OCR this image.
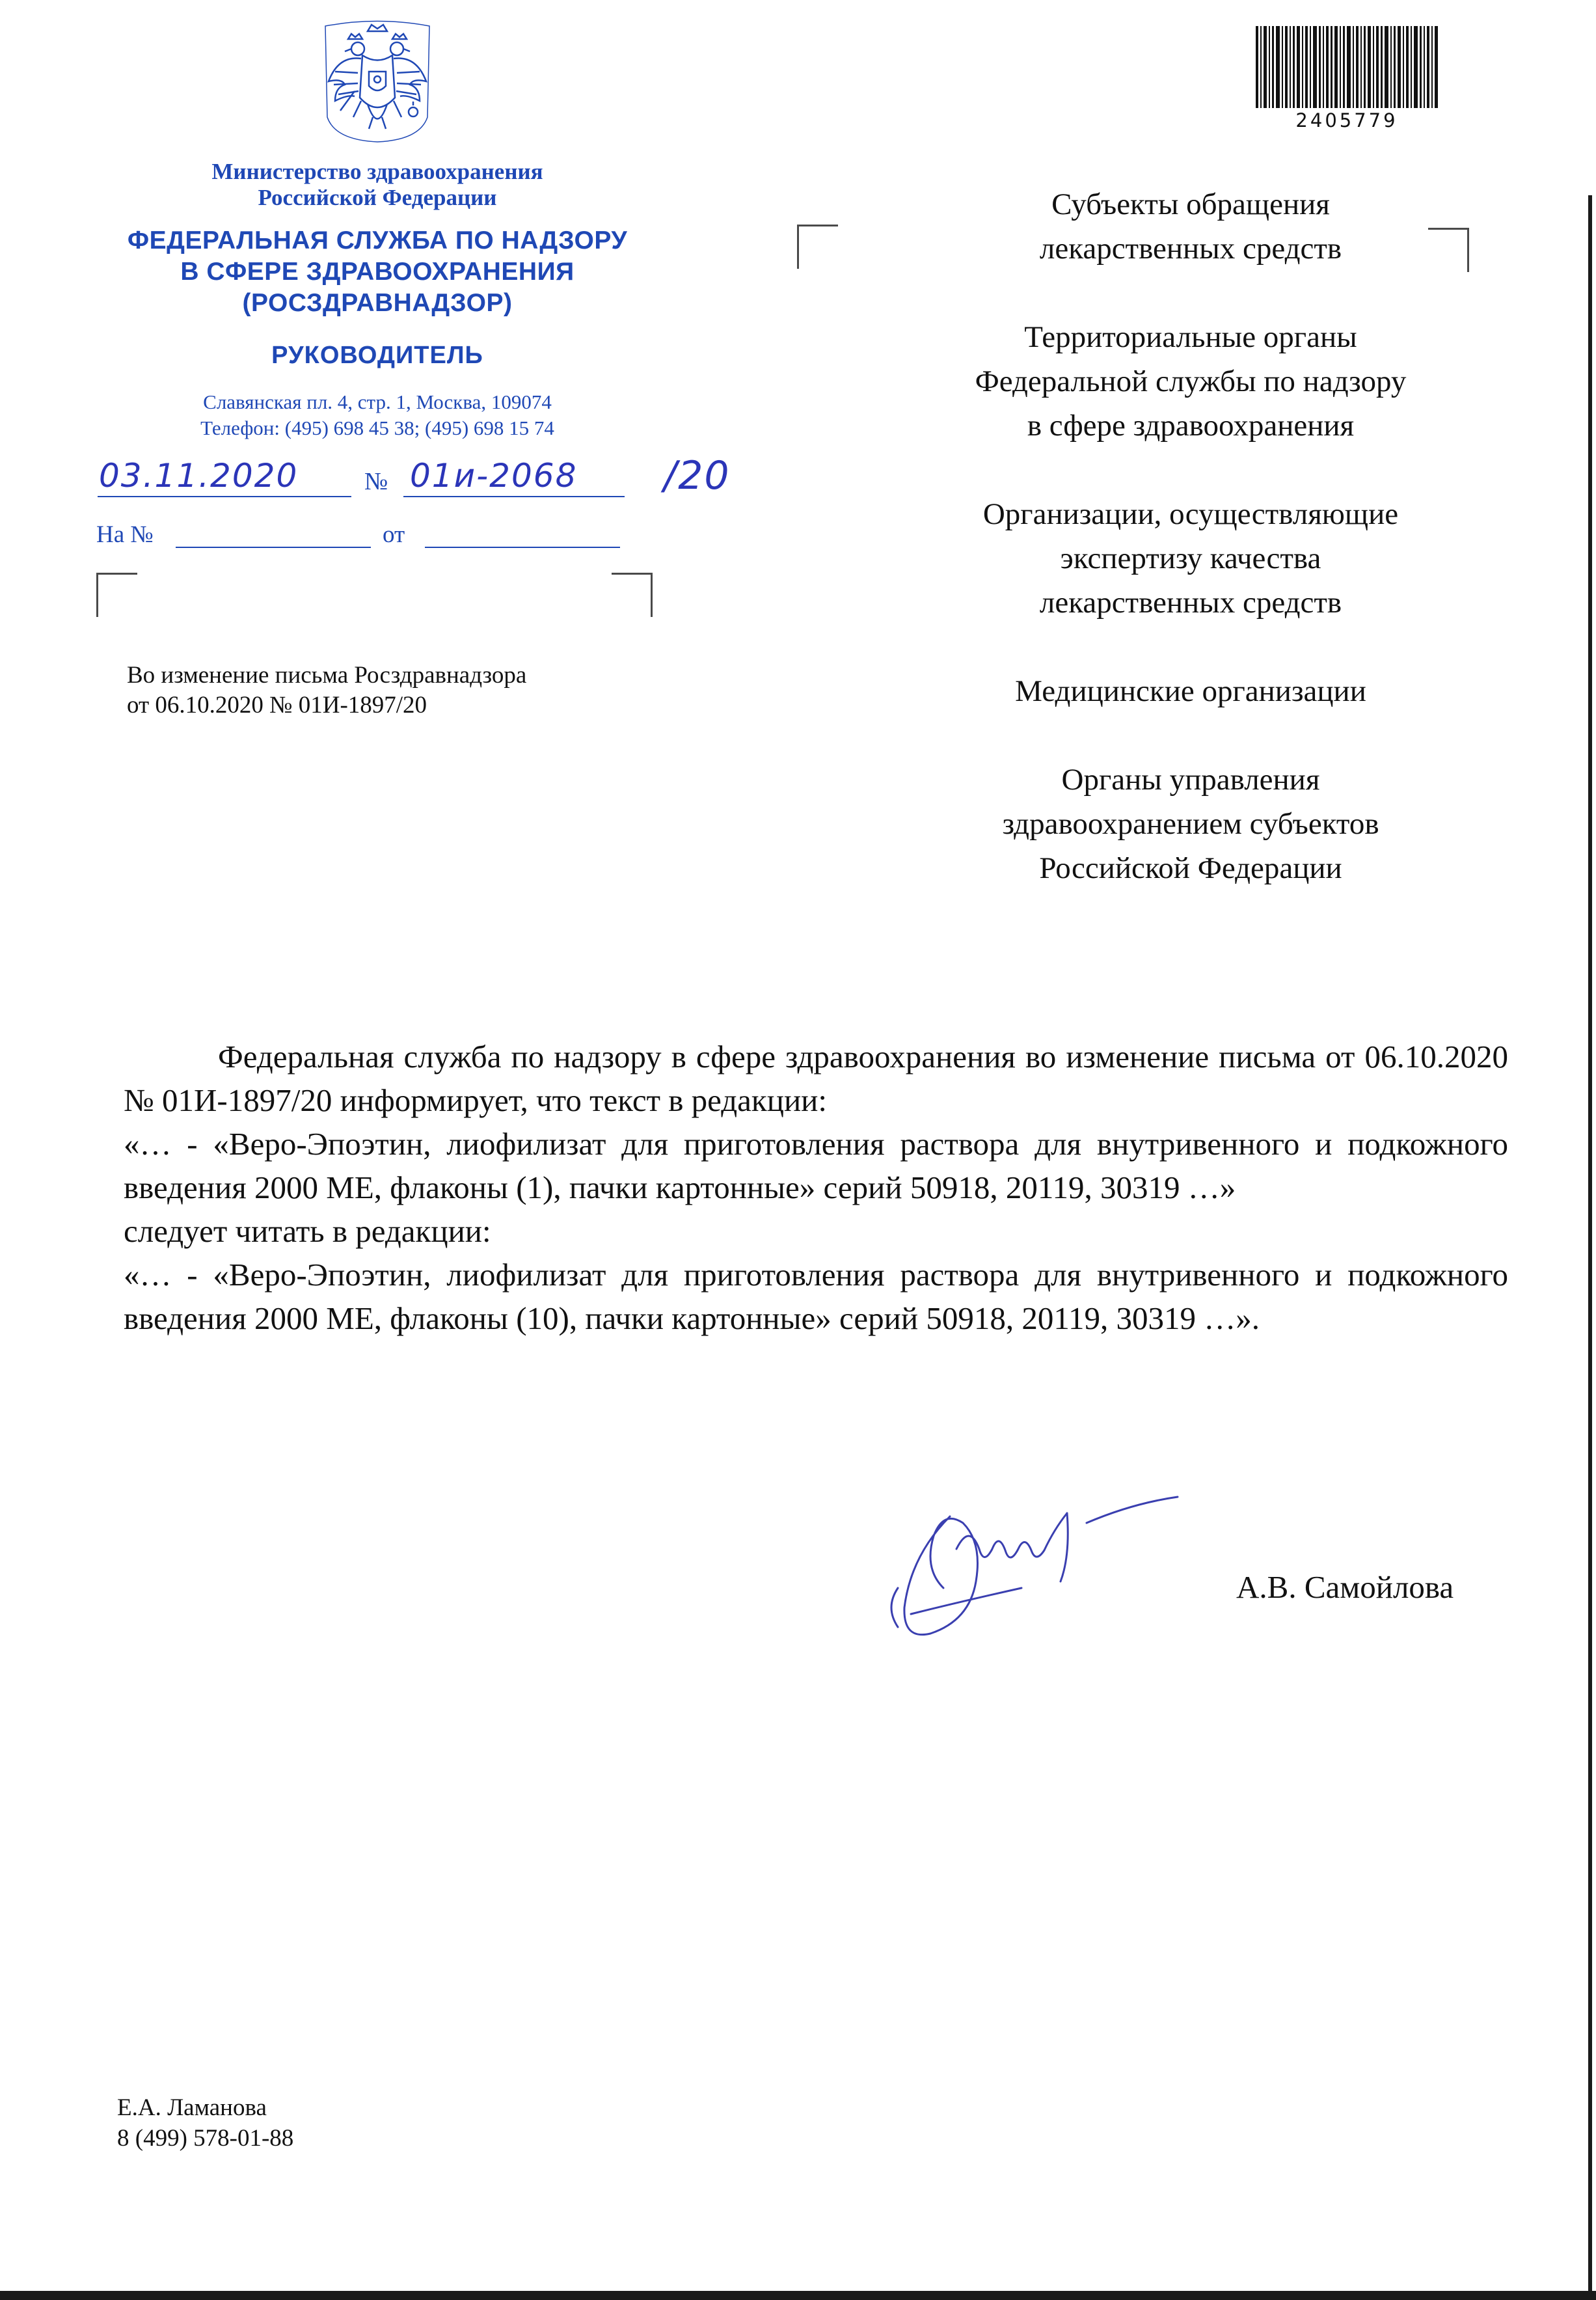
Министерство здравоохранения
Российской Федерации
ФЕДЕРАЛЬНАЯ СЛУЖБА ПО НАДЗОРУ
В СФЕРЕ ЗДРАВООХРАНЕНИЯ
(РОСЗДРАВНАДЗОР)
РУКОВОДИТЕЛЬ
Славянская пл. 4, стр. 1, Москва, 109074
Телефон: (495) 698 45 38; (495) 698 15 74
03.11.2020	№ 01и-2068 /20
На №	от
Во изменение письма Росздравнадзора
от 06.10.2020 № 01И-1897/20
2405779
Субъекты обращения
лекарственных средств
Территориальные органы
Федеральной службы по надзору
в сфере здравоохранения
Организации, осуществляющие
экспертизу качества
лекарственных средств
Медицинские организации
Органы управления
здравоохранением субъектов
Российской Федерации

Федеральная служба по надзору в сфере здравоохранения во изменение письма от 06.10.2020 № 01И-1897/20 информирует, что текст в редакции:

«… - «Веро-Эпоэтин, лиофилизат для приготовления раствора для внутривенного и подкожного введения 2000 МЕ, флаконы (1), пачки картонные» серий 50918, 20119, 30319 …»

следует читать в редакции:

«… - «Веро-Эпоэтин, лиофилизат для приготовления раствора для внутривенного и подкожного введения 2000 МЕ, флаконы (10), пачки картонные» серий 50918, 20119, 30319 …».

А.В. Самойлова
Е.А. Ламанова
8 (499) 578-01-88
